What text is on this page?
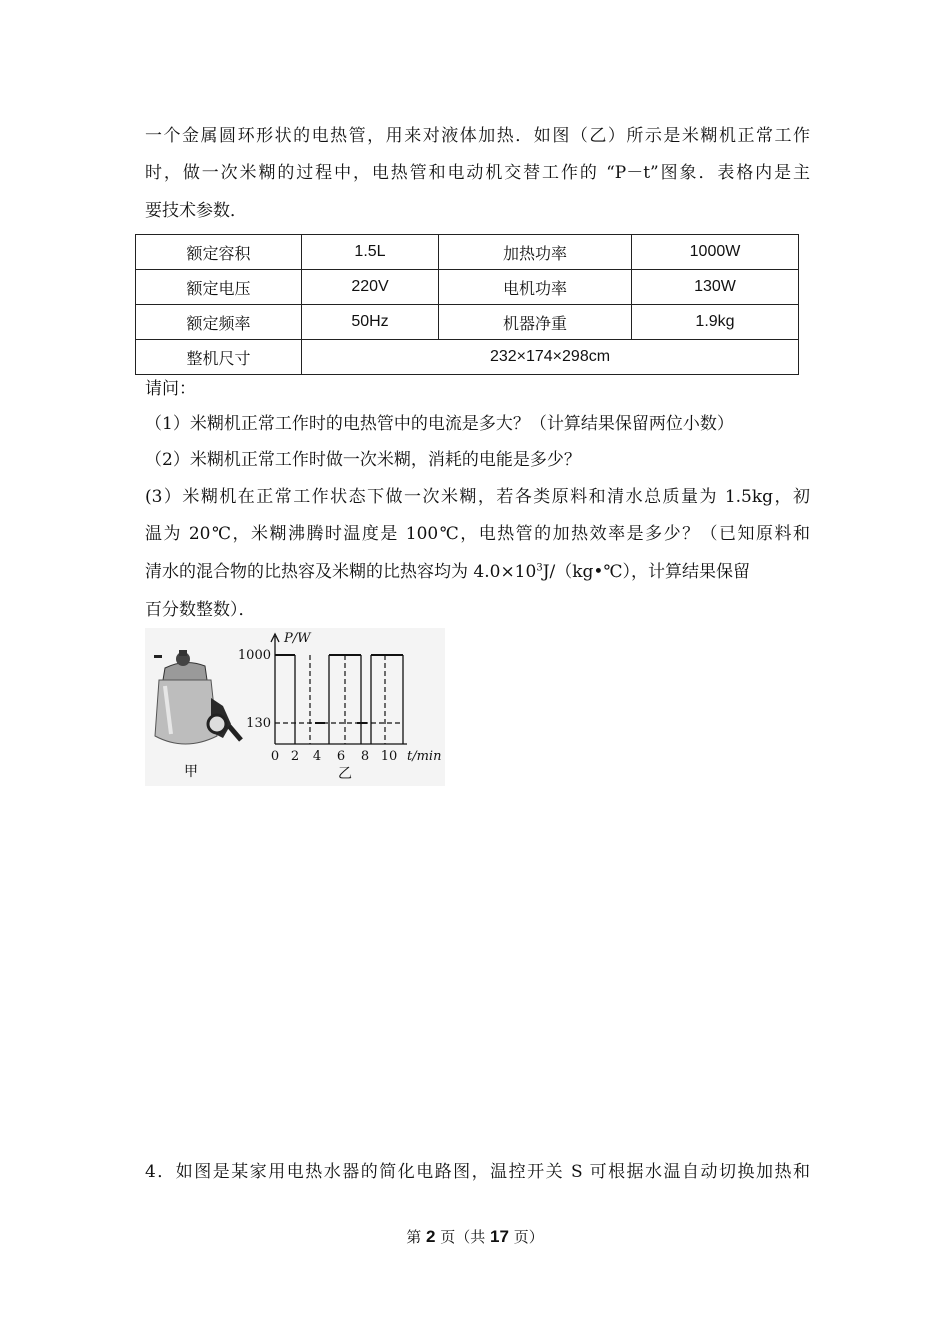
一个金属圆环形状的电热管，用来对液体加热．如图（乙）所示是米糊机正常工作
时，做一次米糊的过程中，电热管和电动机交替工作的 “P－t”图象．表格内是主
要技术参数．
额定容积	1.5L	加热功率	1000W
额定电压	220V	电机功率	130W
额定频率	50Hz	机器净重	1.9kg
整机尺寸	232×174×298cm		
请问：
（1）米糊机正常工作时的电热管中的电流是多大？（计算结果保留两位小数）
（2）米糊机正常工作时做一次米糊，消耗的电能是多少？
(3）米糊机在正常工作状态下做一次米糊，若各类原料和清水总质量为 1.5kg，初
温为 20℃，米糊沸腾时温度是 100℃，电热管的加热效率是多少？（已知原料和
清水的混合物的比热容及米糊的比热容均为 $4.0\times 10^3J/(kg•℃)$，计算结果保留
百分数整数）．
甲
P/W
1000
130
0 2 4 6 8 10 t/min
乙
4．如图是某家用电热水器的简化电路图，温控开关 S 可根据水温自动切换加热和
第 2 页（共 17 页）
